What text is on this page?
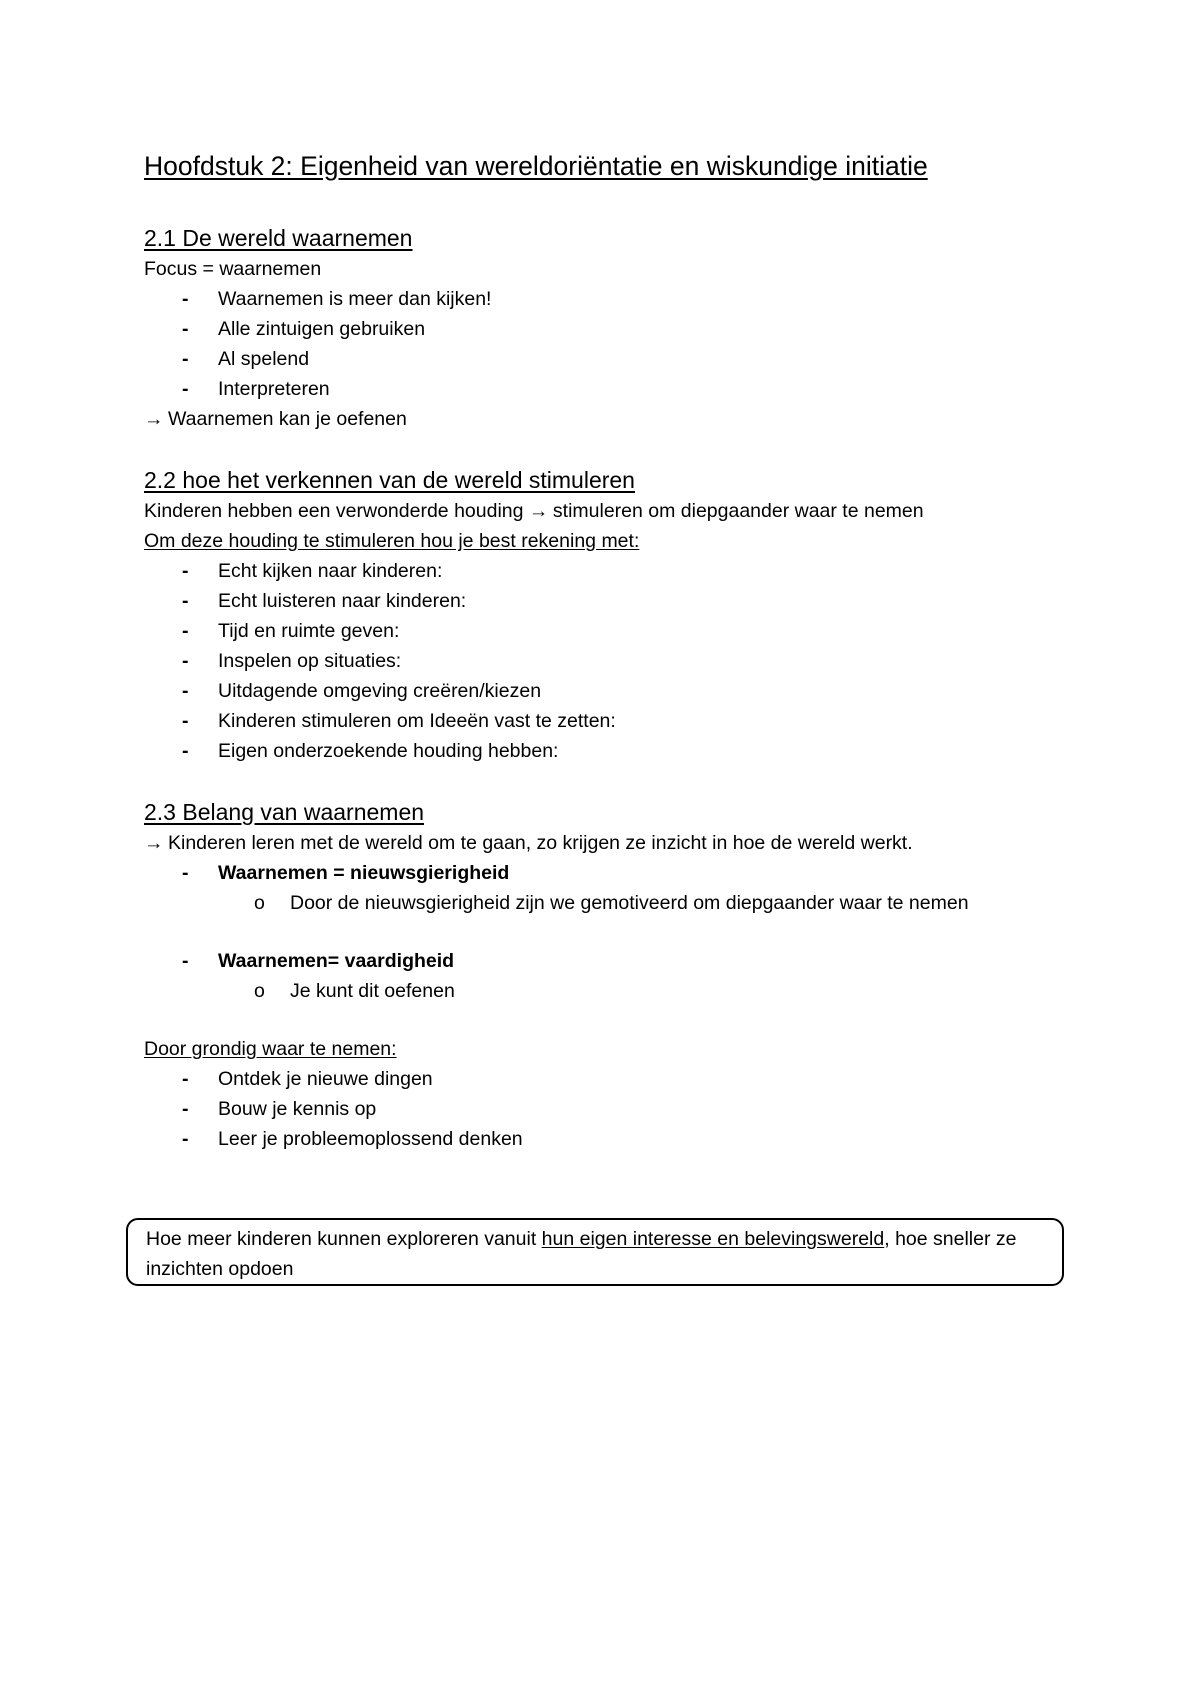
Hoofdstuk 2: Eigenheid van wereldoriëntatie en wiskundige initiatie
2.1 De wereld waarnemen

Focus = waarnemen

- Waarnemen is meer dan kijken!
- Alle zintuigen gebruiken
- Al spelend
- Interpreteren

→ Waarnemen kan je oefenen

2.2 hoe het verkennen van de wereld stimuleren

Kinderen hebben een verwonderde houding → stimuleren om diepgaander waar te nemen

Om deze houding te stimuleren hou je best rekening met:

- Echt kijken naar kinderen:
- Echt luisteren naar kinderen:
- Tijd en ruimte geven:
- Inspelen op situaties:
- Uitdagende omgeving creëren/kiezen
- Kinderen stimuleren om Ideeën vast te zetten:
- Eigen onderzoekende houding hebben:
2.3 Belang van waarnemen

→ Kinderen leren met de wereld om te gaan, zo krijgen ze inzicht in hoe de wereld werkt.

- Waarnemen = nieuwsgierigheid
o Door de nieuwsgierigheid zijn we gemotiveerd om diepgaander waar te nemen
- Waarnemen= vaardigheid
o Je kunt dit oefenen

Door grondig waar te nemen:

- Ontdek je nieuwe dingen
- Bouw je kennis op
- Leer je probleemoplossend denken
Hoe meer kinderen kunnen exploreren vanuit hun eigen interesse en belevingswereld, hoe sneller ze inzichten opdoen
